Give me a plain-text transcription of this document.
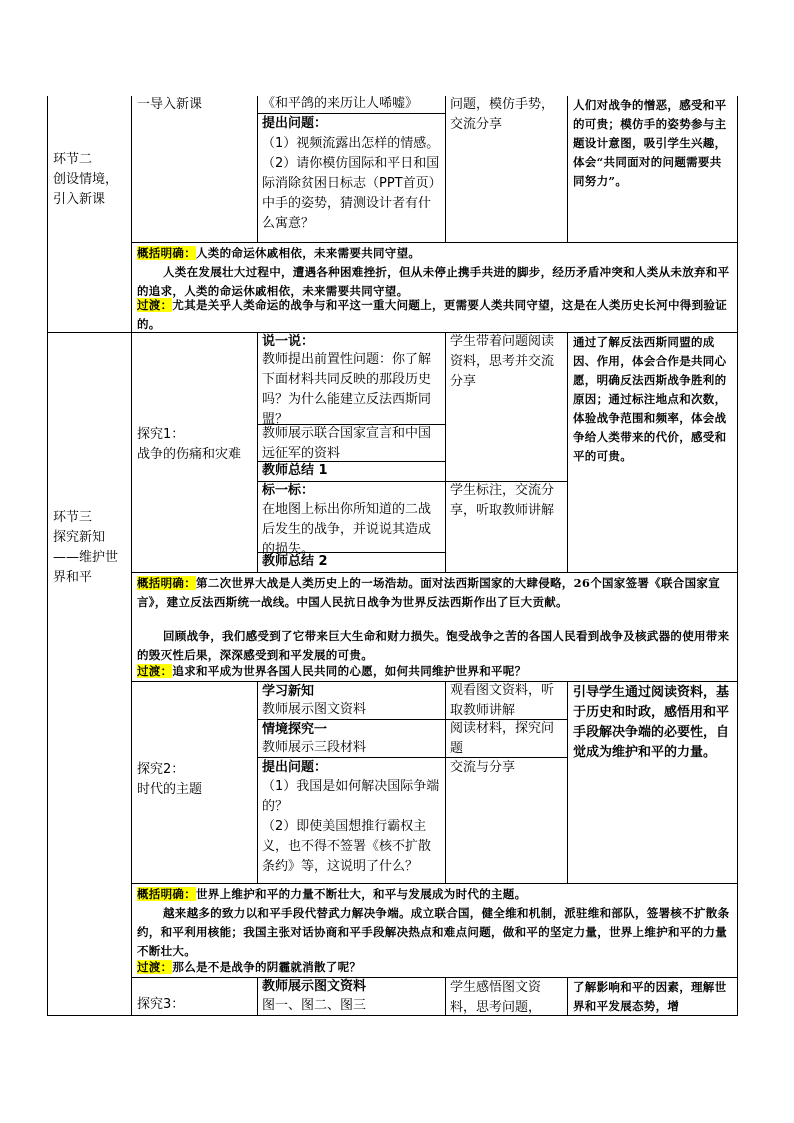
环节二
创设情境，
引入新课
一导入新课	《和平鸽的来历让人唏嘘》
提出问题：
（1）视频流露出怎样的情感。
（2）请你模仿国际和平日和国际消除贫困日标志（PPT首页）中手的姿势，猜测设计者有什么寓意？
问题，模仿手势，交流分享
人们对战争的憎恶，感受和平的可贵；模仿手的姿势参与主题设计意图，吸引学生兴趣，体会“共同面对的问题需要共同努力”。
概括明确：人类的命运休戚相依，未来需要共同守望。
人类在发展壮大过程中，遭遇各种困难挫折，但从未停止携手共进的脚步，经历矛盾冲突和人类从未放弃和平的追求，人类的命运休戚相依，未来需要共同守望。
过渡：尤其是关乎人类命运的战争与和平这一重大问题上，更需要人类共同守望，这是在人类历史长河中得到验证的。
环节三
探究新知
——维护世界和平
探究1：
战争的伤痛和灾难
说一说：
教师提出前置性问题：你了解下面材料共同反映的那段历史吗？为什么能建立反法西斯同盟？
教师展示联合国家宣言和中国远征军的资料
教师总结 1
标一标：
在地图上标出你所知道的二战后发生的战争，并说说其造成的损失。
教师总结 2
学生带着问题阅读资料，思考并交流分享
学生标注，交流分享，听取教师讲解
通过了解反法西斯同盟的成因、作用，体会合作是共同心愿，明确反法西斯战争胜利的原因；通过标注地点和次数，体验战争范围和频率，体会战争给人类带来的代价，感受和平的可贵。
概括明确：第二次世界大战是人类历史上的一场浩劫。面对法西斯国家的大肆侵略，26个国家签署《联合国家宣言》，建立反法西斯统一战线。中国人民抗日战争为世界反法西斯作出了巨大贡献。
回顾战争，我们感受到了它带来巨大生命和财力损失。饱受战争之苦的各国人民看到战争及核武器的使用带来的毁灭性后果，深深感受到和平发展的可贵。
过渡：追求和平成为世界各国人民共同的心愿，如何共同维护世界和平呢？
探究2：
时代的主题
学习新知
教师展示图文资料
情境探究一
教师展示三段材料
提出问题：
（1）我国是如何解决国际争端的？
（2）即使美国想推行霸权主义，也不得不签署《核不扩散条约》等，这说明了什么？
观看图文资料，听取教师讲解
阅读材料，探究问题
交流与分享
引导学生通过阅读资料，基于历史和时政，感悟用和平手段解决争端的必要性，自觉成为维护和平的力量。
概括明确：世界上维护和平的力量不断壮大，和平与发展成为时代的主题。
越来越多的致力以和平手段代替武力解决争端。成立联合国，健全维和机制，派驻维和部队，签署核不扩散条约，和平利用核能；我国主张对话协商和平手段解决热点和难点问题，做和平的坚定力量，世界上维护和平的力量不断壮大。
过渡：那么是不是战争的阴霾就消散了呢？
探究3：
教师展示图文资料
图一、图二、图三
学生感悟图文资料，思考问题，
了解影响和平的因素，理解世界和平发展态势，增
